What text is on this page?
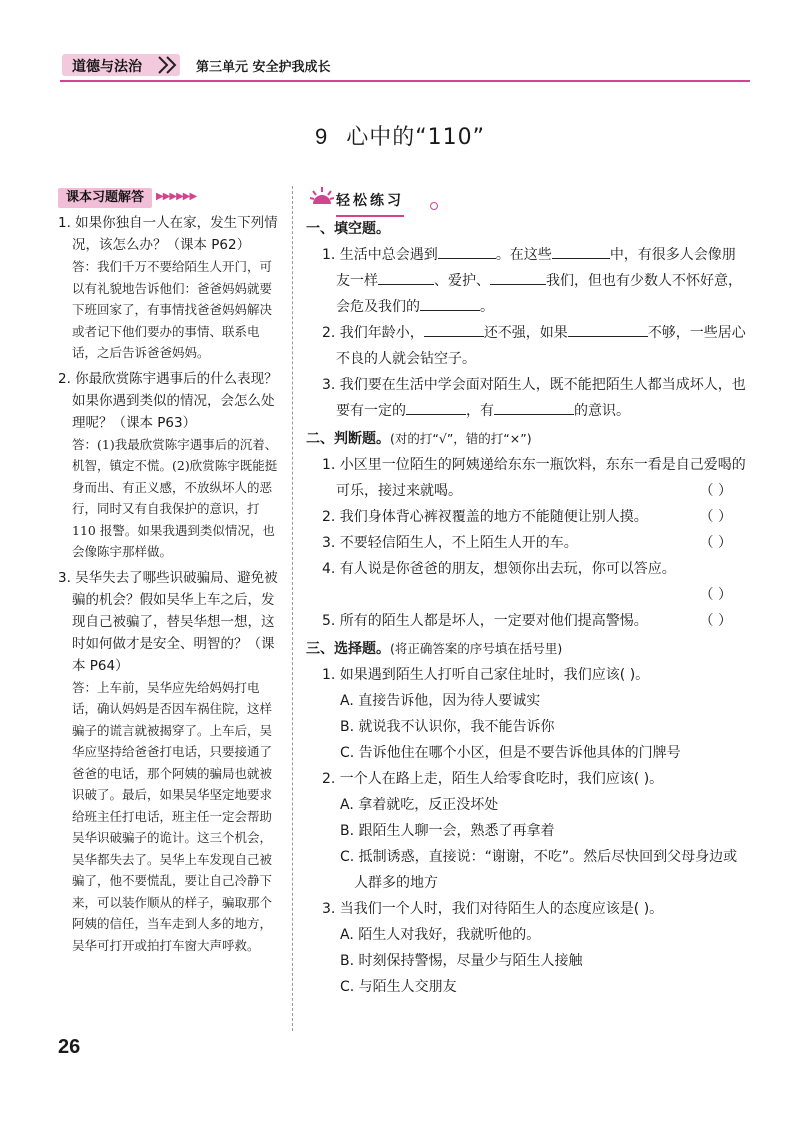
道德与法治	第三单元 安全护我成长
9 心中的“110”
课本习题解答 ▶▶▶▶▶▶
1. 如果你独自一人在家，发生下列情况，该怎么办？（课本 P62）
答：我们千万不要给陌生人开门，可以有礼貌地告诉他们：爸爸妈妈就要下班回家了，有事情找爸爸妈妈解决或者记下他们要办的事情、联系电话，之后告诉爸爸妈妈。
2. 你最欣赏陈宇遇事后的什么表现？如果你遇到类似的情况，会怎么处理呢？（课本 P63）
答：(1)我最欣赏陈宇遇事后的沉着、机智，镇定不慌。(2)欣赏陈宇既能挺身而出、有正义感，不放纵坏人的恶行，同时又有自我保护的意识，打 110 报警。如果我遇到类似情况，也会像陈宇那样做。
3. 吴华失去了哪些识破骗局、避免被骗的机会？假如吴华上车之后，发现自己被骗了，替吴华想一想，这时如何做才是安全、明智的？（课本 P64）
答：上车前，吴华应先给妈妈打电话，确认妈妈是否因车祸住院，这样骗子的谎言就被揭穿了。上车后，吴华应坚持给爸爸打电话，只要接通了爸爸的电话，那个阿姨的骗局也就被识破了。最后，如果吴华坚定地要求给班主任打电话，班主任一定会帮助吴华识破骗子的诡计。这三个机会，吴华都失去了。吴华上车发现自己被骗了，他不要慌乱，要让自己冷静下来，可以装作顺从的样子，骗取那个阿姨的信任，当车走到人多的地方，吴华可打开或拍打车窗大声呼救。
轻松练习
一、填空题。
1. 生活中总会遇到	。在这些	中，有很多人会像朋友一样	、爱护、	我们，但也有少数人不怀好意，会危及我们的	。
2. 我们年龄小，	还不强，如果	不够，一些居心不良的人就会钻空子。
3. 我们要在生活中学会面对陌生人，既不能把陌生人都当成坏人，也要有一定的	，有	的意识。
二、判断题。(对的打“√”，错的打“×”)
1. 小区里一位陌生的阿姨递给东东一瓶饮料，东东一看是自己爱喝的可乐，接过来就喝。	（ ）
2. 我们身体背心裤衩覆盖的地方不能随便让别人摸。	（ ）
3. 不要轻信陌生人，不上陌生人开的车。	（ ）
4. 有人说是你爸爸的朋友，想领你出去玩，你可以答应。
（ ）
5. 所有的陌生人都是坏人，一定要对他们提高警惕。	（ ）
三、选择题。(将正确答案的序号填在括号里)
1. 如果遇到陌生人打听自己家住址时，我们应该( )。
A. 直接告诉他，因为待人要诚实
B. 就说我不认识你，我不能告诉你
C. 告诉他住在哪个小区，但是不要告诉他具体的门牌号
2. 一个人在路上走，陌生人给零食吃时，我们应该( )。
A. 拿着就吃，反正没坏处
B. 跟陌生人聊一会，熟悉了再拿着
C. 抵制诱惑，直接说：“谢谢，不吃”。然后尽快回到父母身边或人群多的地方
3. 当我们一个人时，我们对待陌生人的态度应该是( )。
A. 陌生人对我好，我就听他的。
B. 时刻保持警惕，尽量少与陌生人接触
C. 与陌生人交朋友
26
